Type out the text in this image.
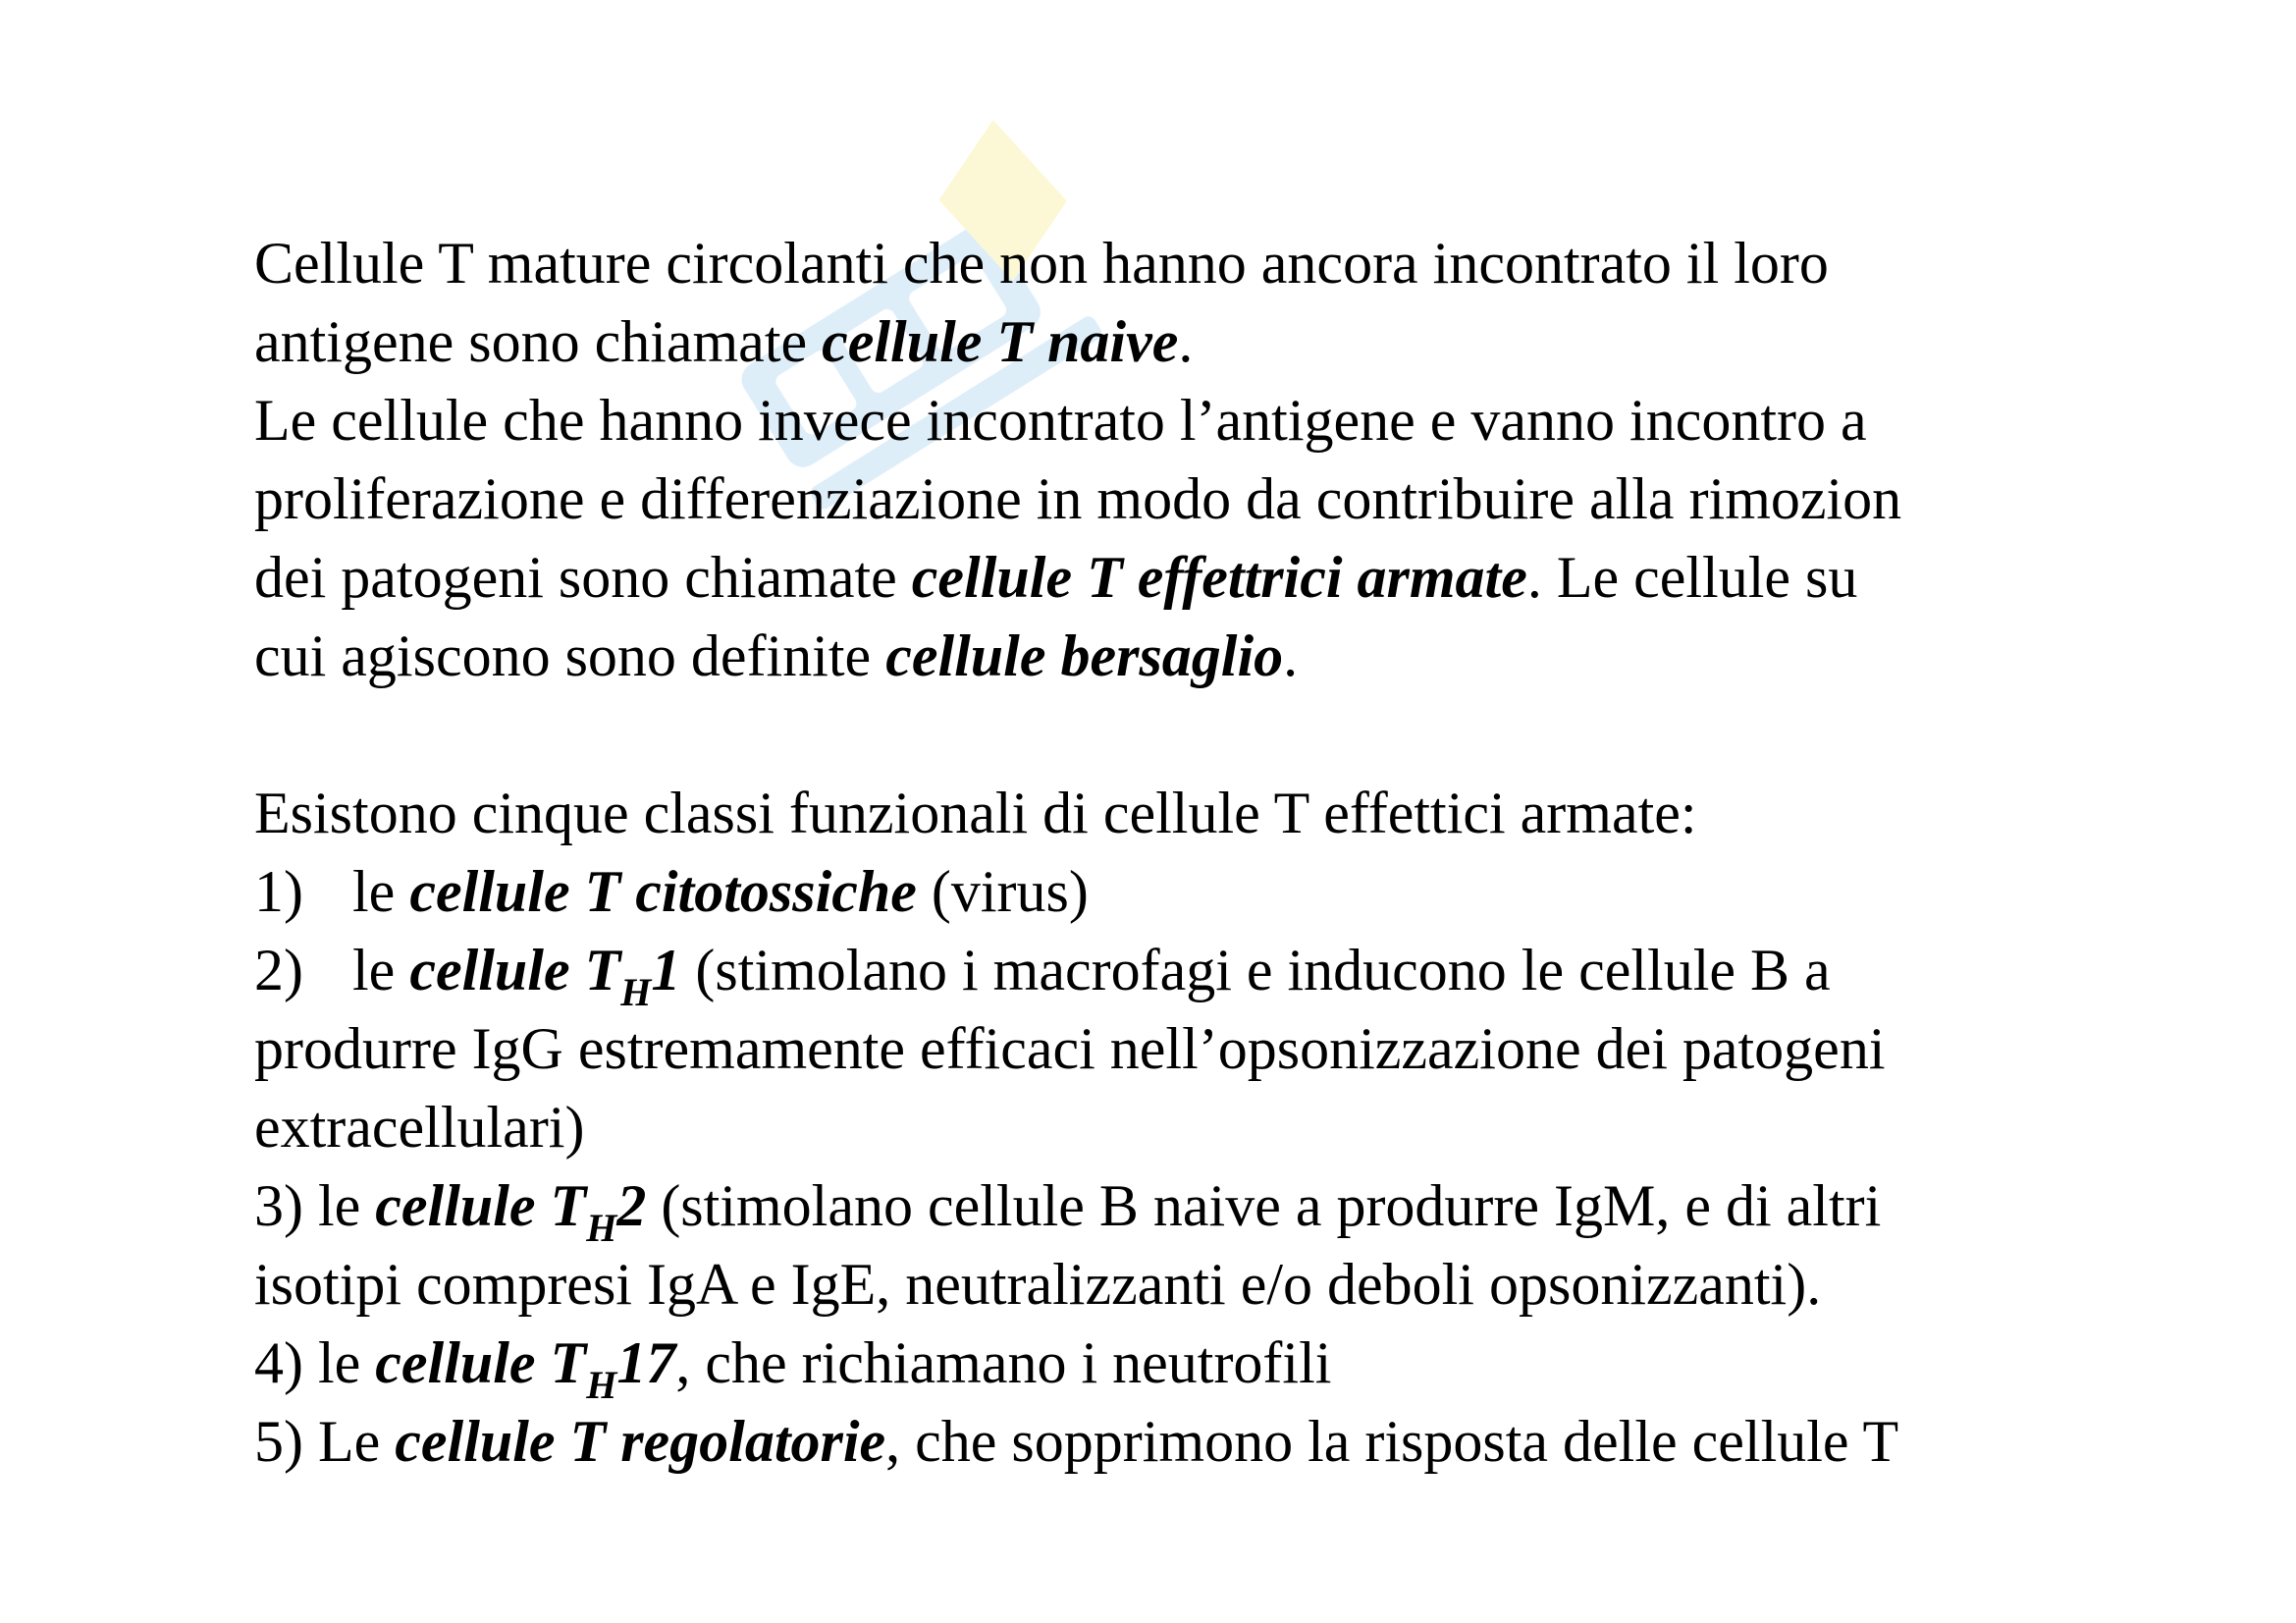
Cellule T mature circolanti che non hanno ancora incontrato il loro
antigene sono chiamate cellule T naive.
Le cellule che hanno invece incontrato l’antigene e vanno incontro a
proliferazione e differenziazione in modo da contribuire alla rimozion
dei patogeni sono chiamate cellule T effettrici armate. Le cellule su
cui agiscono sono definite cellule bersaglio.
Esistono cinque classi funzionali di cellule T effettici armate:
1) le cellule T citotossiche (virus)
2) le cellule $T_H1$ (stimolano i macrofagi e inducono le cellule B a
produrre IgG estremamente efficaci nell’opsonizzazione dei patogeni
extracellulari)
3) le cellule $T_H2$ (stimolano cellule B naive a produrre IgM, e di altri
isotipi compresi IgA e IgE, neutralizzanti e/o deboli opsonizzanti).
4) le cellule $T_H17$, che richiamano i neutrofili
5) Le cellule T regolatorie, che sopprimono la risposta delle cellule T
